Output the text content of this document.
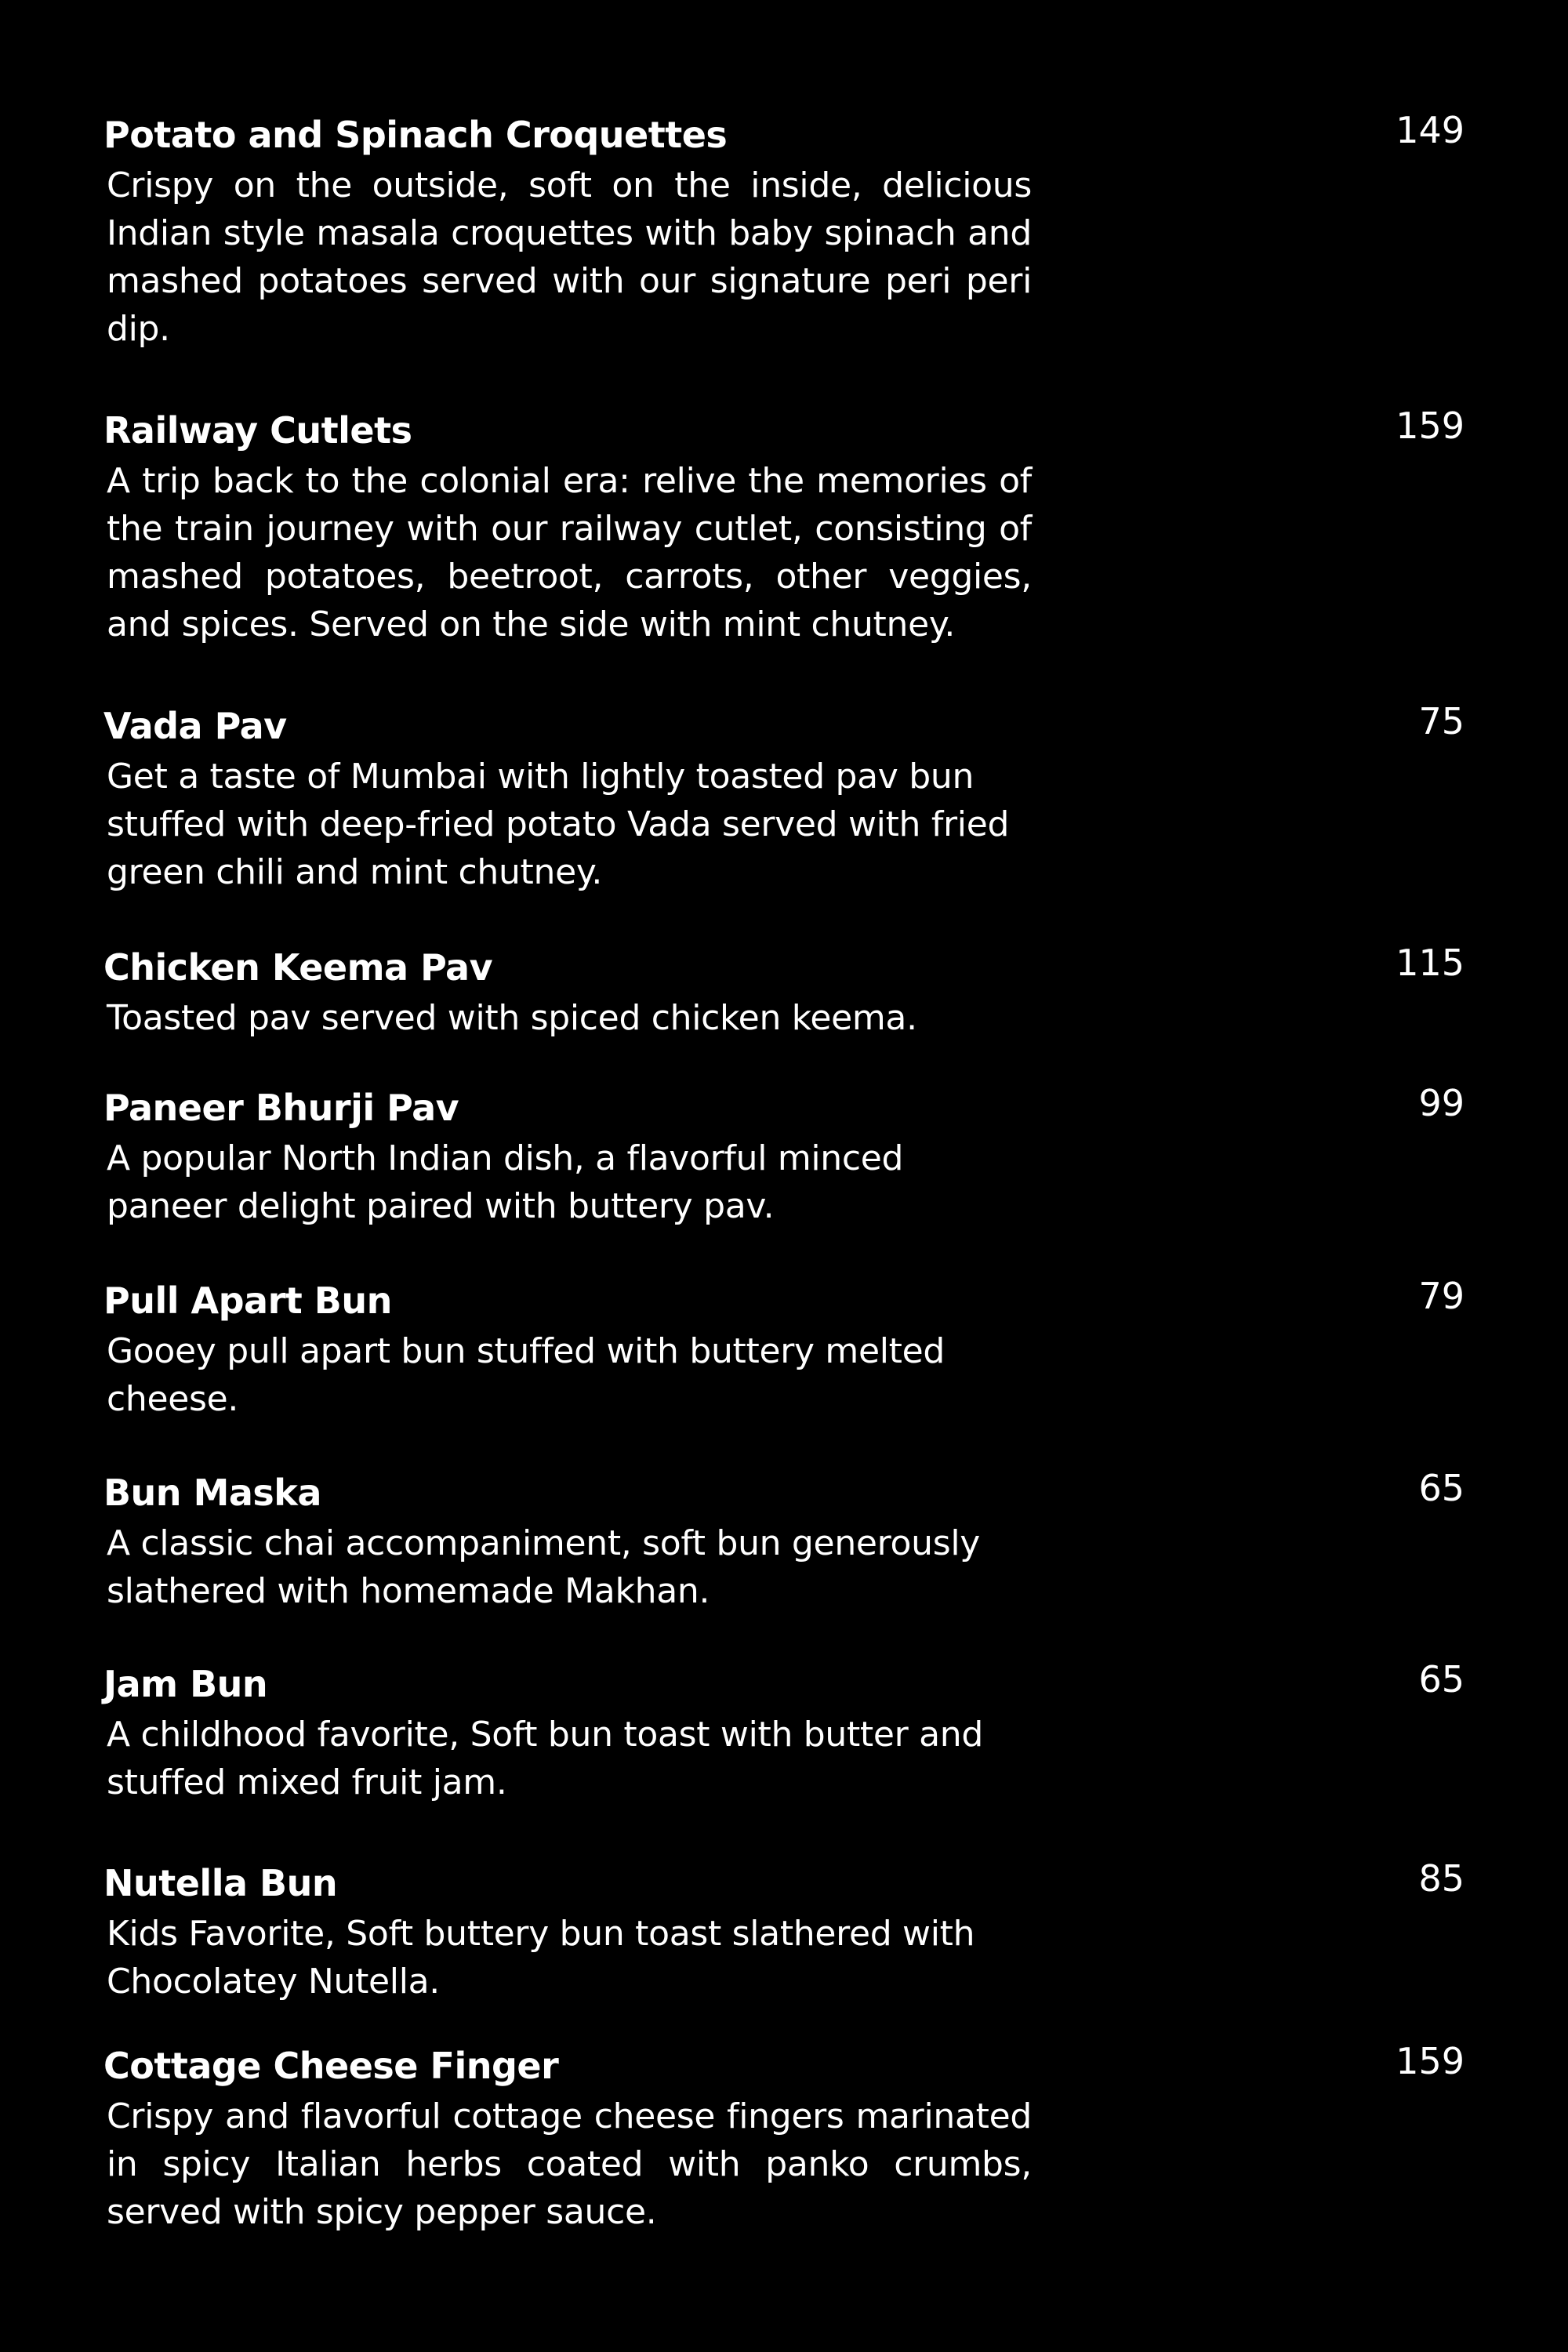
Potato and Spinach Croquettes	149
Crispy on the outside, soft on the inside, delicious Indian style masala croquettes with baby spinach and mashed potatoes served with our signature peri peri dip.
Railway Cutlets	159
A trip back to the colonial era: relive the memories of the train journey with our railway cutlet, consisting of mashed potatoes, beetroot, carrots, other veggies, and spices. Served on the side with mint chutney.
Vada Pav	75
Get a taste of Mumbai with lightly toasted pav bun
stuffed with deep-fried potato Vada served with fried
green chili and mint chutney.
Chicken Keema Pav	115
Toasted pav served with spiced chicken keema.
Paneer Bhurji Pav	99
A popular North Indian dish, a flavorful minced
paneer delight paired with buttery pav.
Pull Apart Bun	79
Gooey pull apart bun stuffed with buttery melted
cheese.
Bun Maska	65
A classic chai accompaniment, soft bun generously
slathered with homemade Makhan.
Jam Bun	65
A childhood favorite, Soft bun toast with butter and
stuffed mixed fruit jam.
Nutella Bun	85
Kids Favorite, Soft buttery bun toast slathered with
Chocolatey Nutella.
Cottage Cheese Finger	159
Crispy and flavorful cottage cheese fingers marinated in spicy Italian herbs coated with panko crumbs, served with spicy pepper sauce.
